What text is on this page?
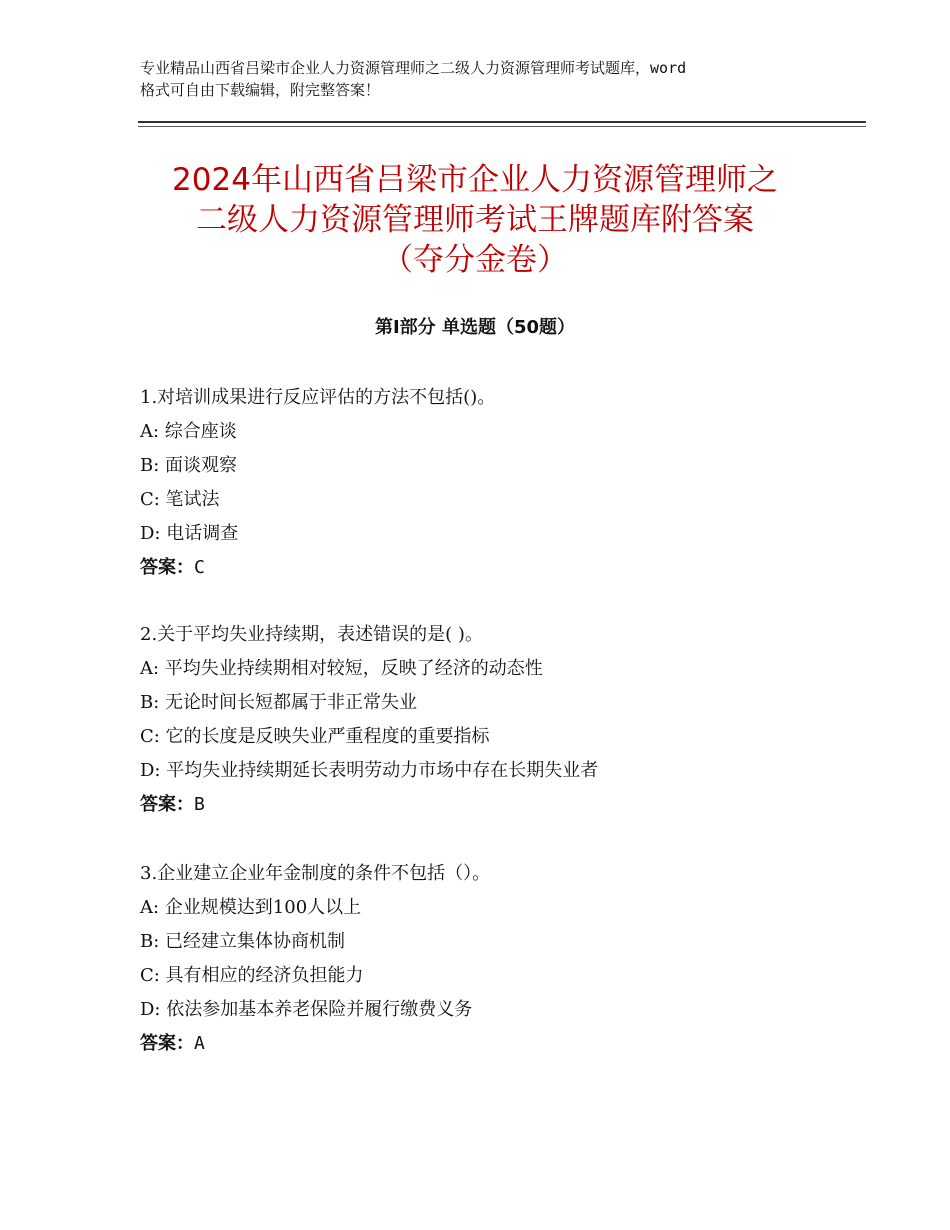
专业精品山西省吕梁市企业人力资源管理师之二级人力资源管理师考试题库，word
格式可自由下载编辑，附完整答案！
2024年山西省吕梁市企业人力资源管理师之
二级人力资源管理师考试王牌题库附答案
（夺分金卷）
第Ⅰ部分 单选题（50题）
1.对培训成果进行反应评估的方法不包括()。
A: 综合座谈
B: 面谈观察
C: 笔试法
D: 电话调查
答案：C
2.关于平均失业持续期，表述错误的是( )。
A: 平均失业持续期相对较短，反映了经济的动态性
B: 无论时间长短都属于非正常失业
C: 它的长度是反映失业严重程度的重要指标
D: 平均失业持续期延长表明劳动力市场中存在长期失业者
答案：B
3.企业建立企业年金制度的条件不包括（）。
A: 企业规模达到100人以上
B: 已经建立集体协商机制
C: 具有相应的经济负担能力
D: 依法参加基本养老保险并履行缴费义务
答案：A
